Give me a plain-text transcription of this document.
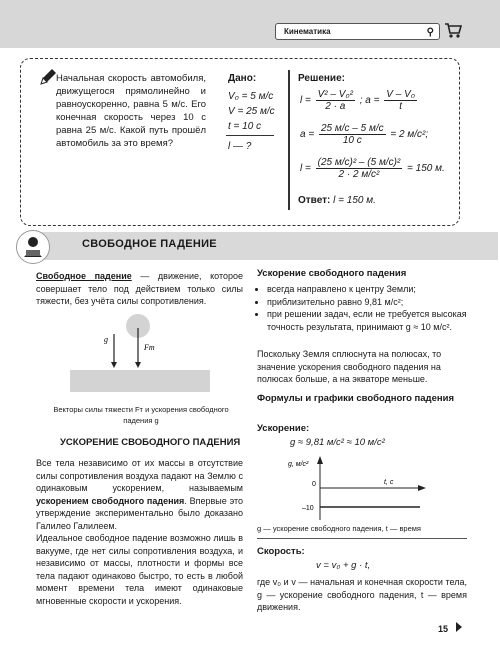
Кинематика	⚲
Начальная скорость автомобиля, движущегося прямолинейно и равноускоренно, равна 5 м/с. Его конечная скорость через 10 с равна 25 м/с. Какой путь прошёл автомобиль за это время?
Дано:
V₀ = 5 м/с
V = 25 м/с
t = 10 с
l — ?
Решение:
$l = \frac{\text{V² – V₀²}}{2 \cdot a}$ ; $a = \frac{\text{V – V₀}}{t}$
$a = \frac{25 м/с - 5 м/с}{10 с} = 2$ м/с²;
$l = \frac{\text{(25 м/с)² – (5 м/с)²}}{\text{2 · 2 м/с²}} = 150$ м.
Ответ: l = 150 м.
СВОБОДНОЕ ПАДЕНИЕ
Свободное падение — движение, которое совершает тело под действием только силы тяжести, без учёта силы сопротивления.
g
Fт
Векторы силы тяжести Fт и ускорения свободного падения g
УСКОРЕНИЕ СВОБОДНОГО ПАДЕНИЯ
Все тела независимо от их массы в отсутствие силы сопротивления воздуха падают на Землю с одинаковым ускорением, называемым ускорением свободного падения. Впервые это утверждение экспериментально было доказано Галилео Галилеем.
Идеальное свободное падение возможно лишь в вакууме, где нет силы сопротивления воздуха, и независимо от массы, плотности и формы все тела падают одинаково быстро, то есть в любой момент времени тела имеют одинаковые мгновенные скорости и ускорения.
Ускорение свободного падения
• всегда направлено к центру Земли;
• приблизительно равно 9,81 м/с²;
• при решении задач, если не требуется высокая точность результата, принимают g ≈ 10 м/с².
Поскольку Земля сплюснута на полюсах, то значение ускорения свободного падения на полюсах больше, а на экваторе меньше.
Формулы и графики свободного падения
Ускорение:
g ≈ 9,81 м/с² ≈ 10 м/с²
g, м/с²
t, с
0
–10
g — ускорение свободного падения, t — время
Скорость:
v = v₀ + g · t,
где v₀ и v — начальная и конечная скорости тела, g — ускорение свободного падения, t — время движения.
15
